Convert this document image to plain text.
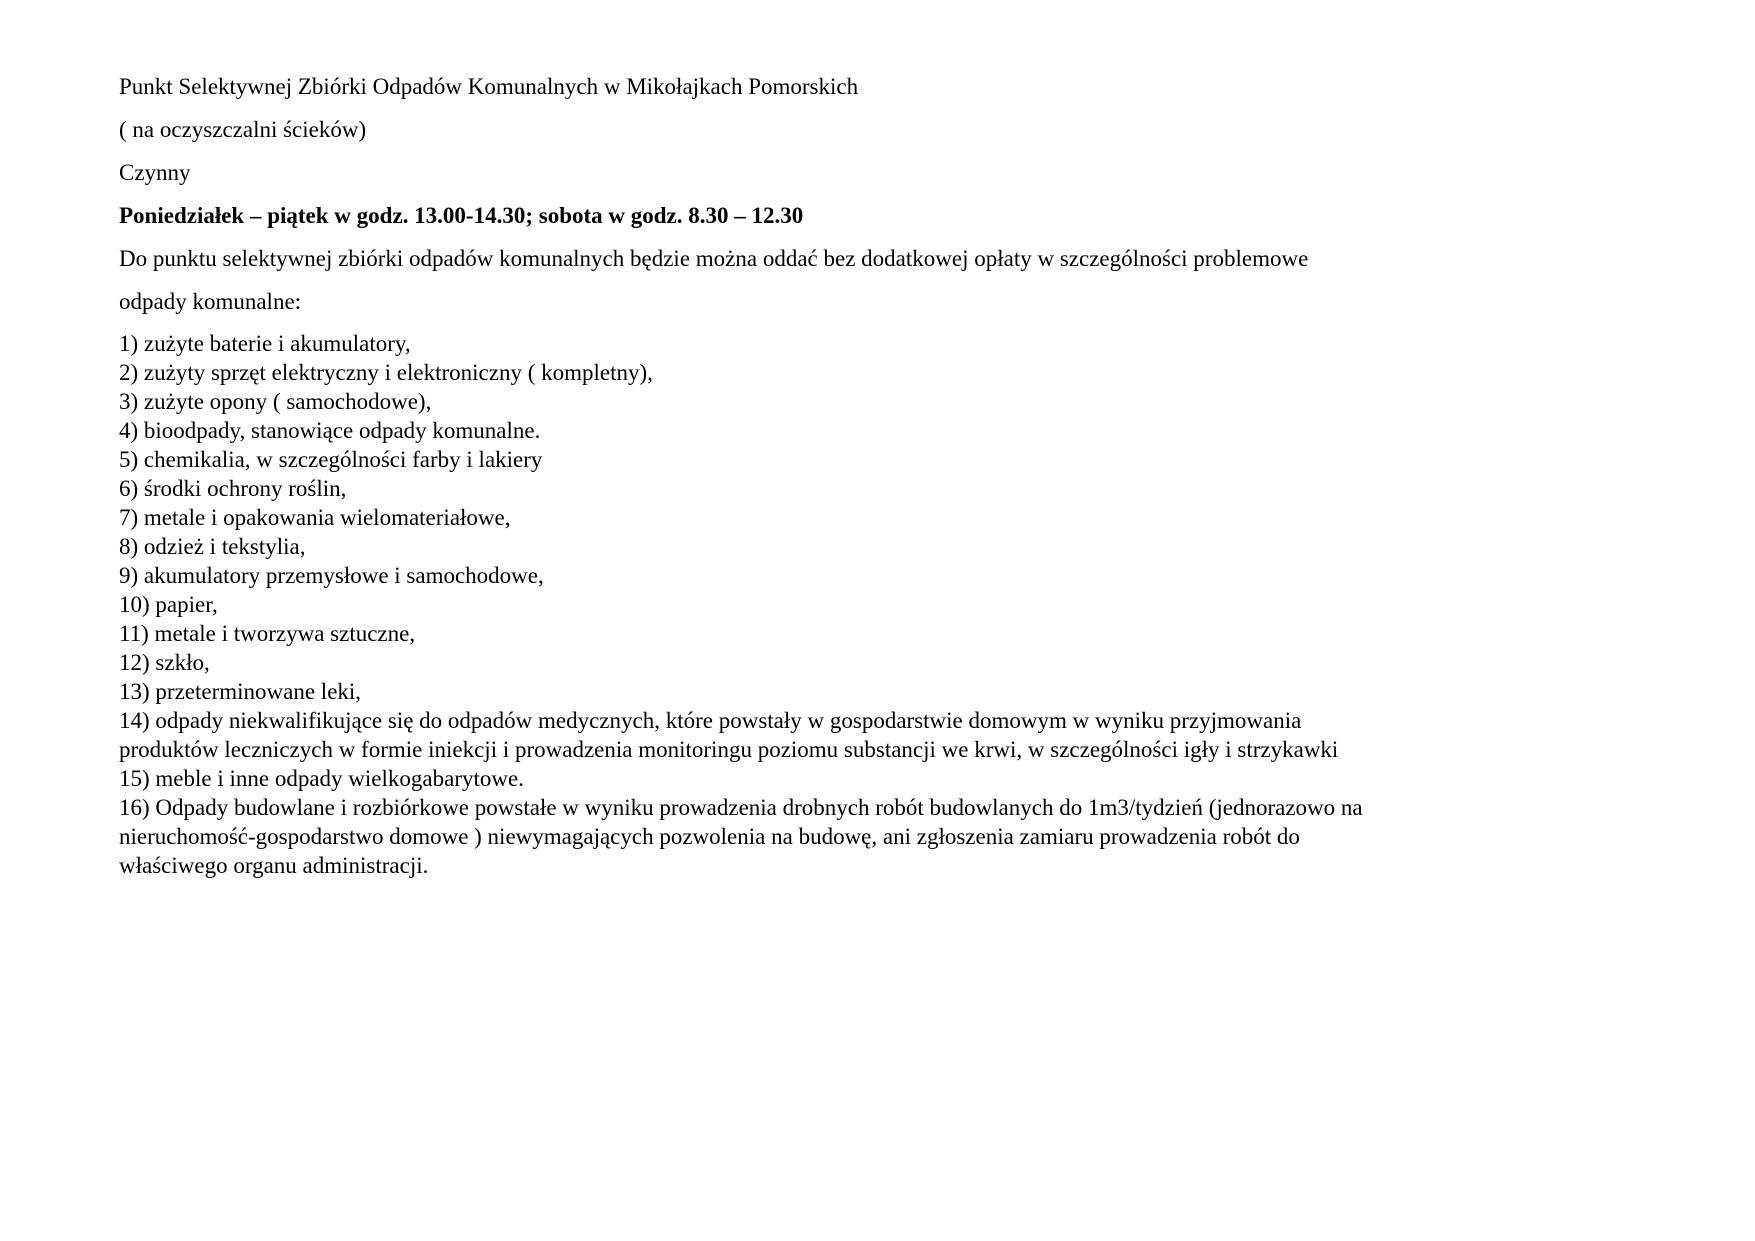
Punkt Selektywnej Zbiórki Odpadów Komunalnych w Mikołajkach Pomorskich

( na oczyszczalni ścieków)

Czynny

Poniedziałek – piątek w godz. 13.00-14.30; sobota w godz. 8.30 – 12.30

Do punktu selektywnej zbiórki odpadów komunalnych będzie można oddać bez dodatkowej opłaty w szczególności problemowe

odpady komunalne:

1) zużyte baterie i akumulatory,
2) zużyty sprzęt elektryczny i elektroniczny ( kompletny),
3) zużyte opony ( samochodowe),
4) bioodpady, stanowiące odpady komunalne.
5) chemikalia, w szczególności farby i lakiery
6) środki ochrony roślin,
7) metale i opakowania wielomateriałowe,
8) odzież i tekstylia,
9) akumulatory przemysłowe i samochodowe,
10) papier,
11) metale i tworzywa sztuczne,
12) szkło,
13) przeterminowane leki,
14) odpady niekwalifikujące się do odpadów medycznych, które powstały w gospodarstwie domowym w wyniku przyjmowania
produktów leczniczych w formie iniekcji i prowadzenia monitoringu poziomu substancji we krwi, w szczególności igły i strzykawki
15) meble i inne odpady wielkogabarytowe.
16) Odpady budowlane i rozbiórkowe powstałe w wyniku prowadzenia drobnych robót budowlanych do 1m3/tydzień (jednorazowo na
nieruchomość-gospodarstwo domowe ) niewymagających pozwolenia na budowę, ani zgłoszenia zamiaru prowadzenia robót do
właściwego organu administracji.
